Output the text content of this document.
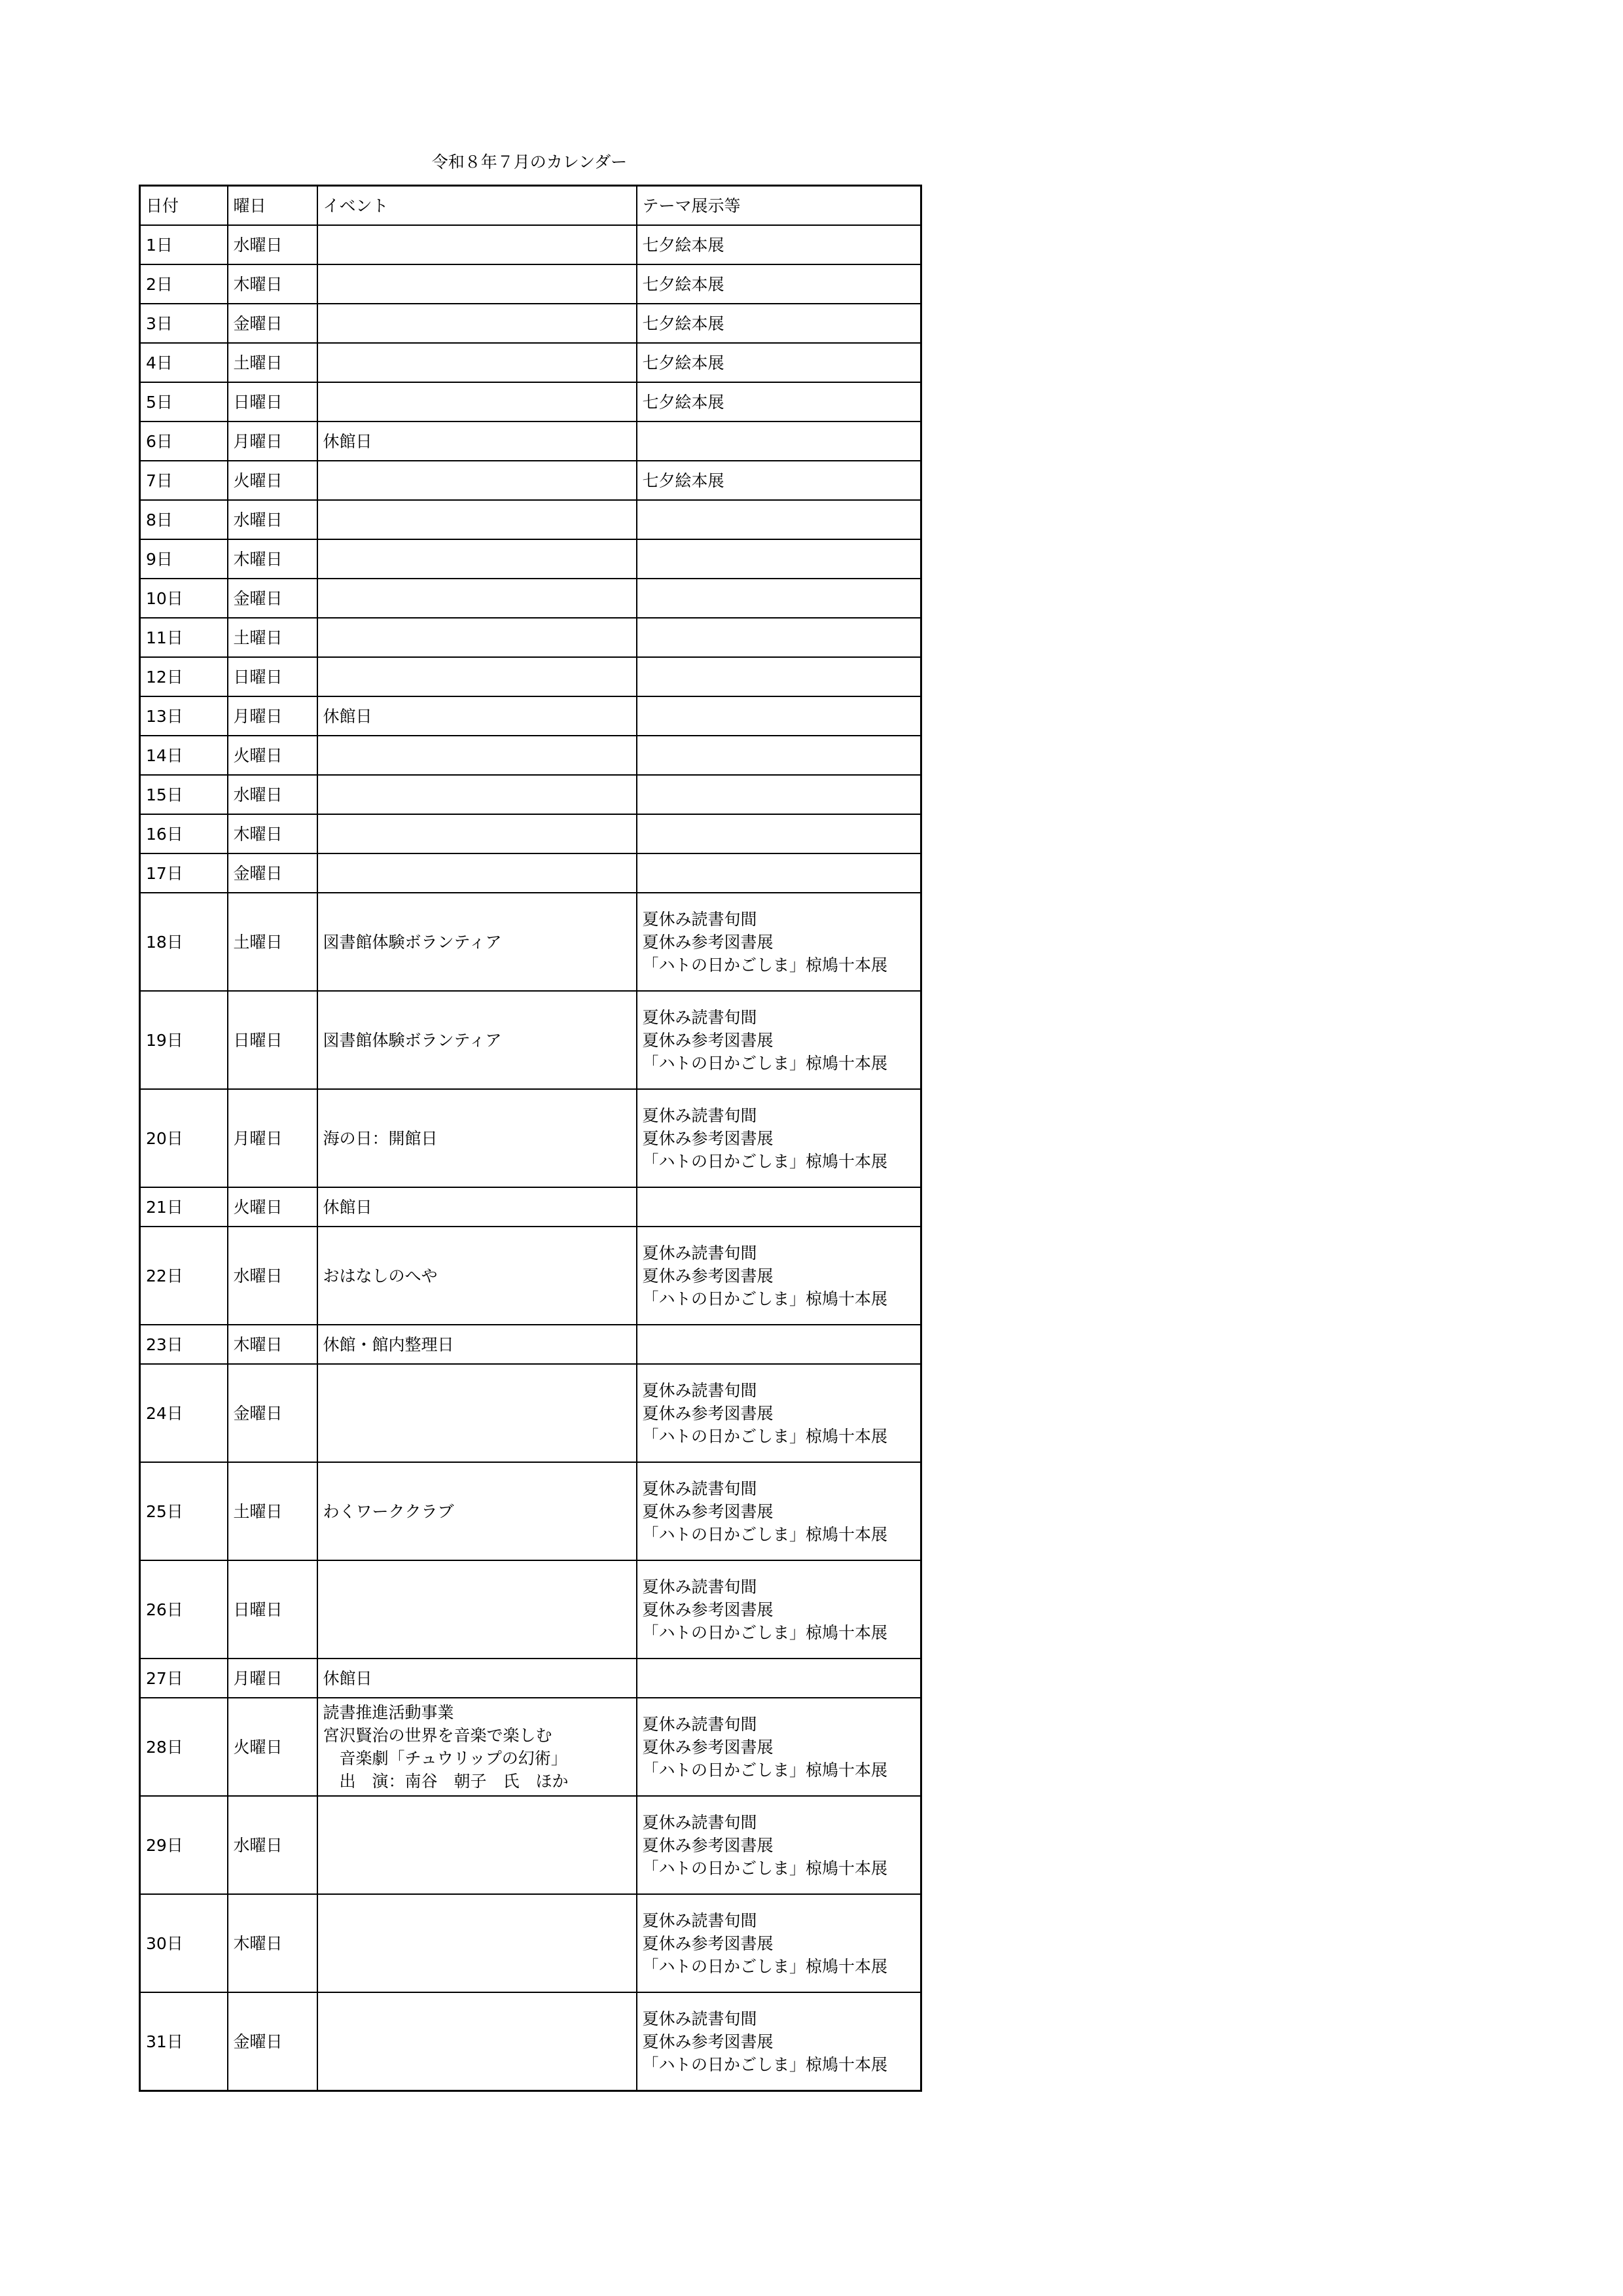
令和８年７月のカレンダー
日付	曜日	イベント	テーマ展示等
1日	水曜日		七夕絵本展

2日	木曜日		七夕絵本展

3日	金曜日		七夕絵本展

4日	土曜日		七夕絵本展

5日	日曜日		七夕絵本展

6日	月曜日	休館日	

7日	火曜日		七夕絵本展

8日	水曜日		
9日	木曜日		
10日	金曜日		
11日	土曜日		
12日	日曜日		
13日	月曜日	休館日	

14日	火曜日		
15日	水曜日		
16日	木曜日		
17日	金曜日		
18日	土曜日	図書館体験ボランティア	夏休み読書旬間
夏休み参考図書展
「ハトの日かごしま」椋鳩十本展

19日	日曜日	図書館体験ボランティア	夏休み読書旬間
夏休み参考図書展
「ハトの日かごしま」椋鳩十本展

20日	月曜日	海の日：開館日	夏休み読書旬間
夏休み参考図書展
「ハトの日かごしま」椋鳩十本展

21日	火曜日	休館日	

22日	水曜日	おはなしのへや	夏休み読書旬間
夏休み参考図書展
「ハトの日かごしま」椋鳩十本展

23日	木曜日	休館・館内整理日	

24日	金曜日		夏休み読書旬間
夏休み参考図書展
「ハトの日かごしま」椋鳩十本展

25日	土曜日	わくワーククラブ	夏休み読書旬間
夏休み参考図書展
「ハトの日かごしま」椋鳩十本展

26日	日曜日		夏休み読書旬間
夏休み参考図書展
「ハトの日かごしま」椋鳩十本展

27日	月曜日	休館日	

28日	火曜日	読書推進活動事業
宮沢賢治の世界を音楽で楽しむ
　音楽劇「チュウリップの幻術」
　出　演：南谷　朝子　氏　ほか	夏休み読書旬間
夏休み参考図書展
「ハトの日かごしま」椋鳩十本展

29日	水曜日		夏休み読書旬間
夏休み参考図書展
「ハトの日かごしま」椋鳩十本展

30日	木曜日		夏休み読書旬間
夏休み参考図書展
「ハトの日かごしま」椋鳩十本展

31日	金曜日		夏休み読書旬間
夏休み参考図書展
「ハトの日かごしま」椋鳩十本展
